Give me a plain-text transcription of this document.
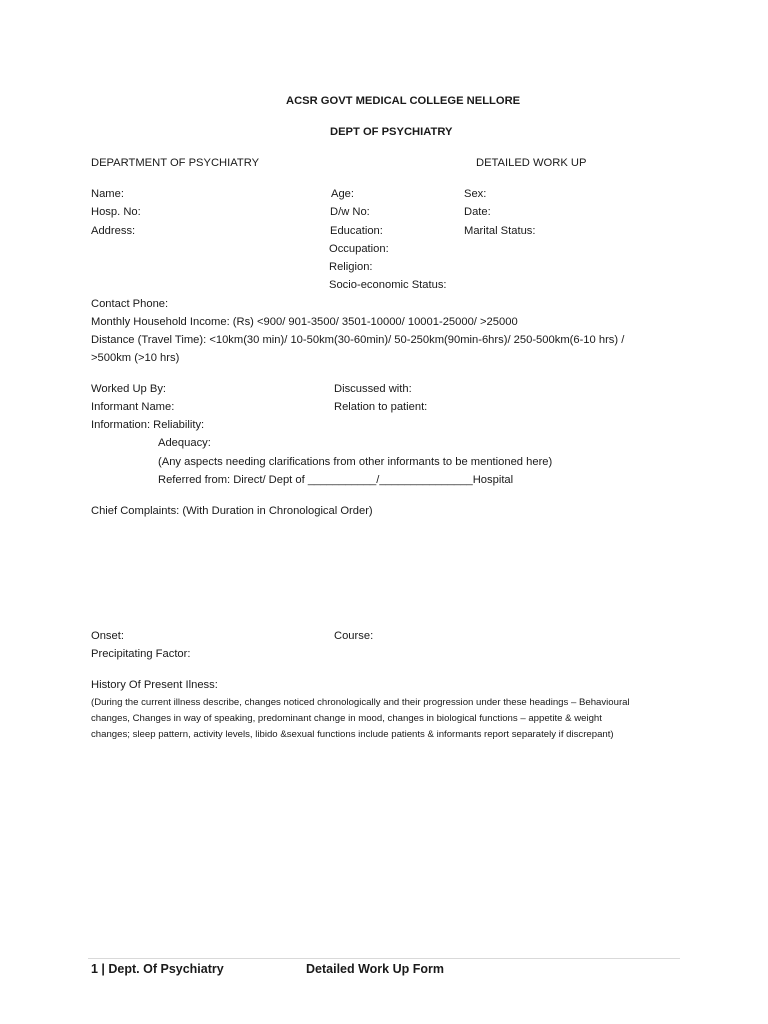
ACSR GOVT MEDICAL COLLEGE NELLORE
DEPT OF PSYCHIATRY
DEPARTMENT OF PSYCHIATRY	DETAILED WORK UP
Name:	Age:	Sex:
Hosp. No:	D/w No:	Date:
Address:	Education:	Marital Status:
Occupation:
Religion:
Socio-economic Status:
Contact Phone:
Monthly Household Income: (Rs) <900/ 901-3500/ 3501-10000/ 10001-25000/ >25000
Distance (Travel Time): <10km(30 min)/ 10-50km(30-60min)/ 50-250km(90min-6hrs)/ 250-500km(6-10 hrs) /
>500km (>10 hrs)
Worked Up By:	Discussed with:
Informant Name:	Relation to patient:
Information: Reliability:
Adequacy:
(Any aspects needing clarifications from other informants to be mentioned here)
Referred from: Direct/ Dept of ___________/_______________Hospital
Chief Complaints: (With Duration in Chronological Order)
Onset:	Course:
Precipitating Factor:
History Of Present Ilness:
(During the current illness describe, changes noticed chronologically and their progression under these headings – Behavioural
changes, Changes in way of speaking, predominant change in mood, changes in biological functions – appetite & weight
changes; sleep pattern, activity levels, libido &sexual functions include patients & informants report separately if discrepant)
1 | Dept. Of Psychiatry	Detailed Work Up Form
